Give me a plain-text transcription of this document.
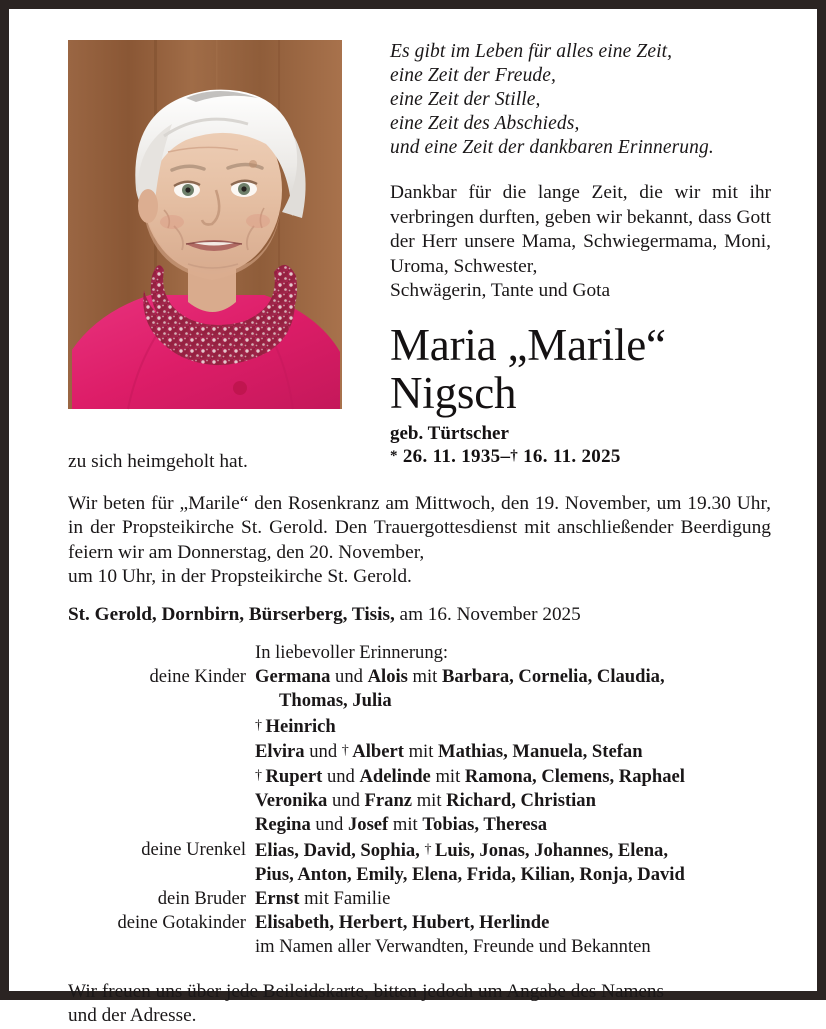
Es gibt im Leben für alles eine Zeit,
eine Zeit der Freude,
eine Zeit der Stille,
eine Zeit des Abschieds,
und eine Zeit der dankbaren Erinnerung.
Dankbar für die lange Zeit, die wir mit ihr verbringen durften, geben wir bekannt, dass Gott der Herr unsere Mama, Schwiegermama, Moni, Uroma, Schwester,
Schwägerin, Tante und Gota
Maria „Marile“
Nigsch
geb. Türtscher
* 26. 11. 1935–† 16. 11. 2025
zu sich heimgeholt hat.
Wir beten für „Marile“ den Rosenkranz am Mittwoch, den 19. November, um 19.30 Uhr, in der Propsteikirche St. Gerold. Den Trauergottesdienst mit anschließender Beerdigung feiern wir am Donnerstag, den 20. November,
um 10 Uhr, in der Propsteikirche St. Gerold.
St. Gerold, Dornbirn, Bürserberg, Tisis, am 16. November 2025
	In liebevoller Erinnerung:
deine Kinder	Germana und Alois mit Barbara, Cornelia, Claudia,

	Thomas, Julia

	† Heinrich
	Elvira und † Albert mit Mathias, Manuela, Stefan
	† Rupert und Adelinde mit Ramona, Clemens, Raphael
	Veronika und Franz mit Richard, Christian
	Regina und Josef mit Tobias, Theresa
deine Urenkel	Elias, David, Sophia, † Luis, Jonas, Johannes, Elena,
	Pius, Anton, Emily, Elena, Frida, Kilian, Ronja, David
dein Bruder	Ernst mit Familie
deine Gotakinder	Elisabeth, Herbert, Hubert, Herlinde
	im Namen aller Verwandten, Freunde und Bekannten
Wir freuen uns über jede Beileidskarte, bitten jedoch um Angabe des Namens
und der Adresse.
